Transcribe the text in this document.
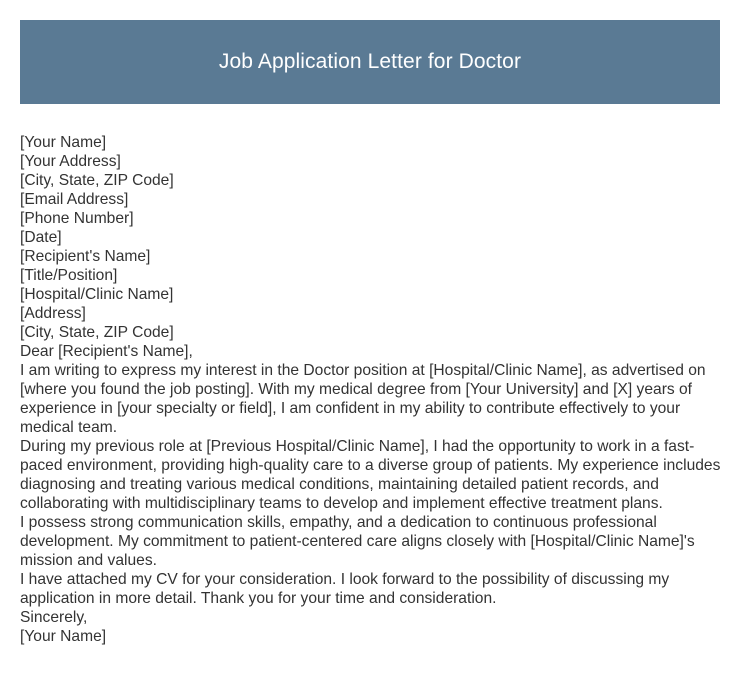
Job Application Letter for Doctor
[Your Name]
[Your Address]
[City, State, ZIP Code]
[Email Address]
[Phone Number]
[Date]
[Recipient's Name]
[Title/Position]
[Hospital/Clinic Name]
[Address]
[City, State, ZIP Code]
Dear [Recipient's Name],

I am writing to express my interest in the Doctor position at [Hospital/Clinic Name], as advertised on [where you found the job posting]. With my medical degree from [Your University] and [X] years of experience in [your specialty or field], I am confident in my ability to contribute effectively to your medical team.

During my previous role at [Previous Hospital/Clinic Name], I had the opportunity to work in a fast-paced environment, providing high-quality care to a diverse group of patients. My experience includes diagnosing and treating various medical conditions, maintaining detailed patient records, and collaborating with multidisciplinary teams to develop and implement effective treatment plans.

I possess strong communication skills, empathy, and a dedication to continuous professional development. My commitment to patient-centered care aligns closely with [Hospital/Clinic Name]'s mission and values.

I have attached my CV for your consideration. I look forward to the possibility of discussing my application in more detail. Thank you for your time and consideration.

Sincerely,
[Your Name]
